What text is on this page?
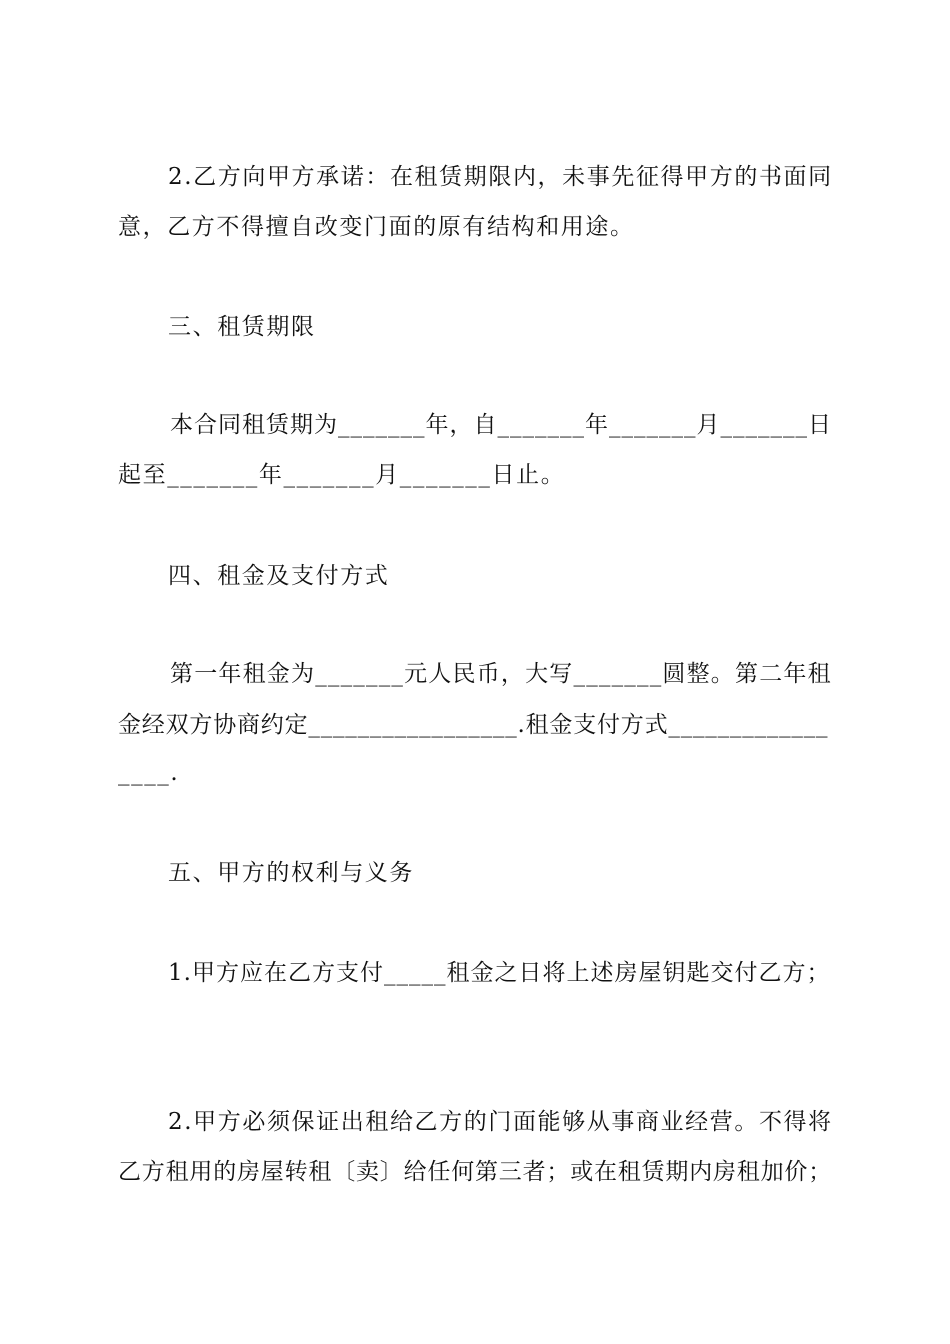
2.乙方向甲方承诺：在租赁期限内，未事先征得甲方的书面同
意，乙方不得擅自改变门面的原有结构和用途。
三、租赁期限
本合同租赁期为_______年，自_______年_______月_______日
起至_______年_______月_______日止。
四、租金及支付方式
第一年租金为_______元人民币，大写_______圆整。第二年租
金经双方协商约定_________________.租金支付方式_____________
____.
五、甲方的权利与义务
1.甲方应在乙方支付_____租金之日将上述房屋钥匙交付乙方；
2.甲方必须保证出租给乙方的门面能够从事商业经营。不得将
乙方租用的房屋转租〔卖〕给任何第三者；或在租赁期内房租加价；
